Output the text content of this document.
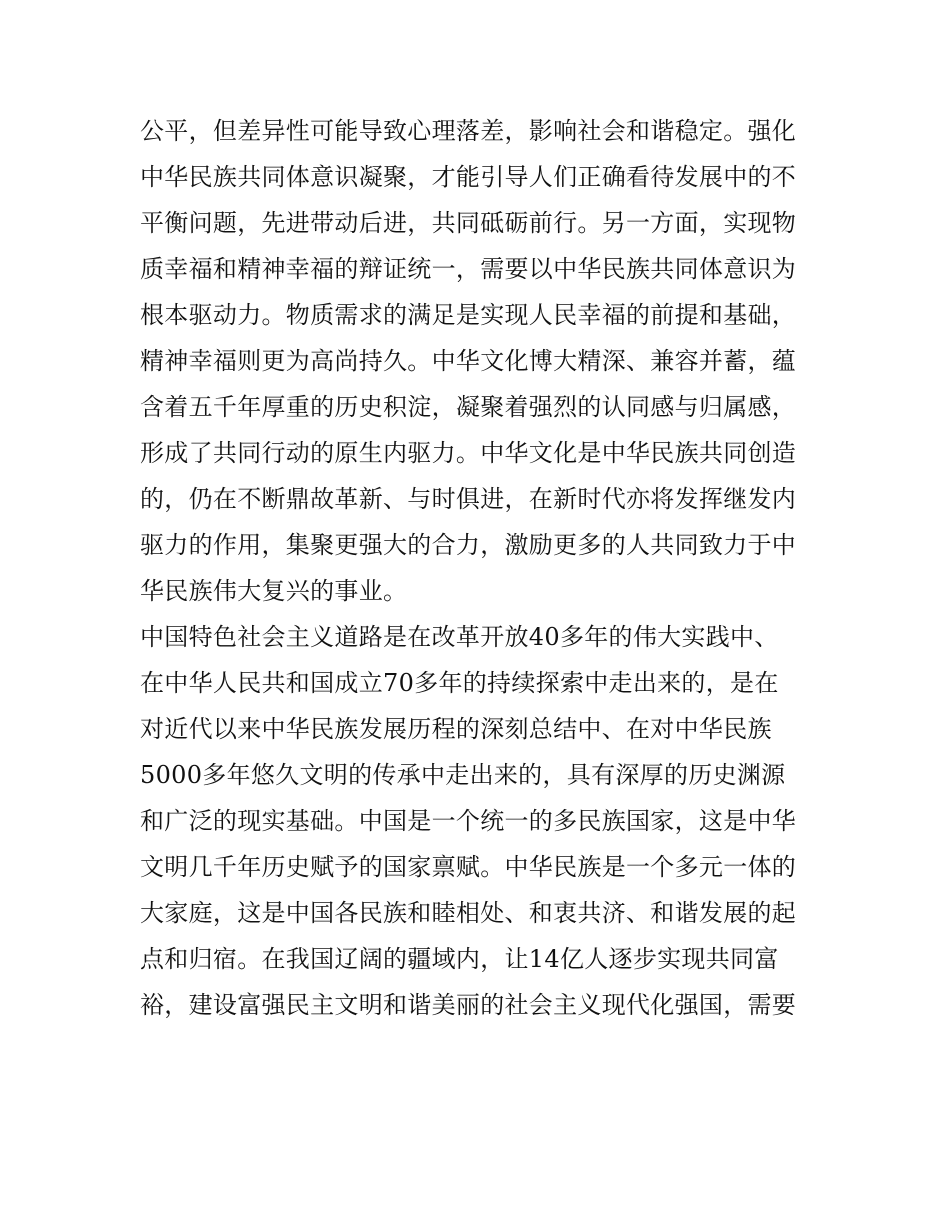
公平，但差异性可能导致心理落差，影响社会和谐稳定。强化
中华民族共同体意识凝聚，才能引导人们正确看待发展中的不
平衡问题，先进带动后进，共同砥砺前行。另一方面，实现物
质幸福和精神幸福的辩证统一，需要以中华民族共同体意识为
根本驱动力。物质需求的满足是实现人民幸福的前提和基础，
精神幸福则更为高尚持久。中华文化博大精深、兼容并蓄，蕴
含着五千年厚重的历史积淀，凝聚着强烈的认同感与归属感，
形成了共同行动的原生内驱力。中华文化是中华民族共同创造
的，仍在不断鼎故革新、与时俱进，在新时代亦将发挥继发内
驱力的作用，集聚更强大的合力，激励更多的人共同致力于中
华民族伟大复兴的事业。
中国特色社会主义道路是在改革开放40多年的伟大实践中、
在中华人民共和国成立70多年的持续探索中走出来的，是在
对近代以来中华民族发展历程的深刻总结中、在对中华民族
5000多年悠久文明的传承中走出来的，具有深厚的历史渊源
和广泛的现实基础。中国是一个统一的多民族国家，这是中华
文明几千年历史赋予的国家禀赋。中华民族是一个多元一体的
大家庭，这是中国各民族和睦相处、和衷共济、和谐发展的起
点和归宿。在我国辽阔的疆域内，让14亿人逐步实现共同富
裕，建设富强民主文明和谐美丽的社会主义现代化强国，需要
